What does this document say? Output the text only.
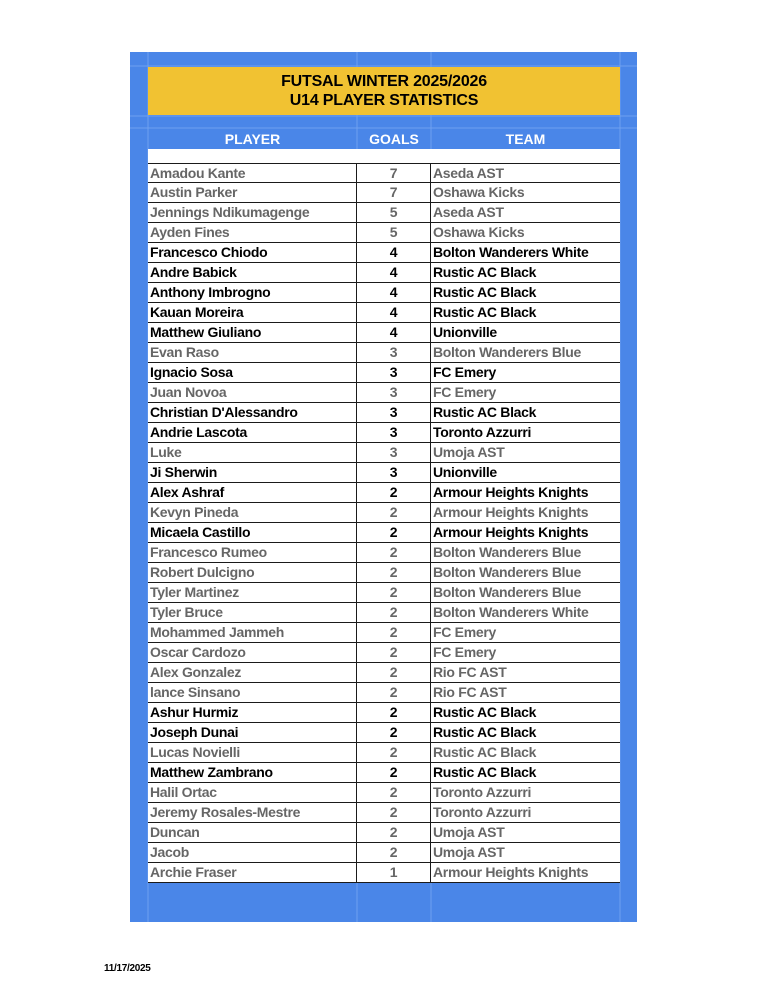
FUTSAL WINTER 2025/2026
U14 PLAYER STATISTICS
PLAYER	GOALS	TEAM
Amadou Kante	7	Aseda AST
Austin Parker	7	Oshawa Kicks
Jennings Ndikumagenge	5	Aseda AST
Ayden Fines	5	Oshawa Kicks
Francesco Chiodo	4	Bolton Wanderers White
Andre Babick	4	Rustic AC Black
Anthony Imbrogno	4	Rustic AC Black
Kauan Moreira	4	Rustic AC Black
Matthew Giuliano	4	Unionville
Evan Raso	3	Bolton Wanderers Blue
Ignacio Sosa	3	FC Emery
Juan Novoa	3	FC Emery
Christian D'Alessandro	3	Rustic AC Black
Andrie Lascota	3	Toronto Azzurri
Luke	3	Umoja AST
Ji Sherwin	3	Unionville
Alex Ashraf	2	Armour Heights Knights
Kevyn Pineda	2	Armour Heights Knights
Micaela Castillo	2	Armour Heights Knights
Francesco Rumeo	2	Bolton Wanderers Blue
Robert Dulcigno	2	Bolton Wanderers Blue
Tyler Martinez	2	Bolton Wanderers Blue
Tyler Bruce	2	Bolton Wanderers White
Mohammed Jammeh	2	FC Emery
Oscar Cardozo	2	FC Emery
Alex Gonzalez	2	Rio FC AST
lance Sinsano	2	Rio FC AST
Ashur Hurmiz	2	Rustic AC Black
Joseph Dunai	2	Rustic AC Black
Lucas Novielli	2	Rustic AC Black
Matthew Zambrano	2	Rustic AC Black
Halil Ortac	2	Toronto Azzurri
Jeremy Rosales-Mestre	2	Toronto Azzurri
Duncan	2	Umoja AST
Jacob	2	Umoja AST
Archie Fraser	1	Armour Heights Knights
11/17/2025
